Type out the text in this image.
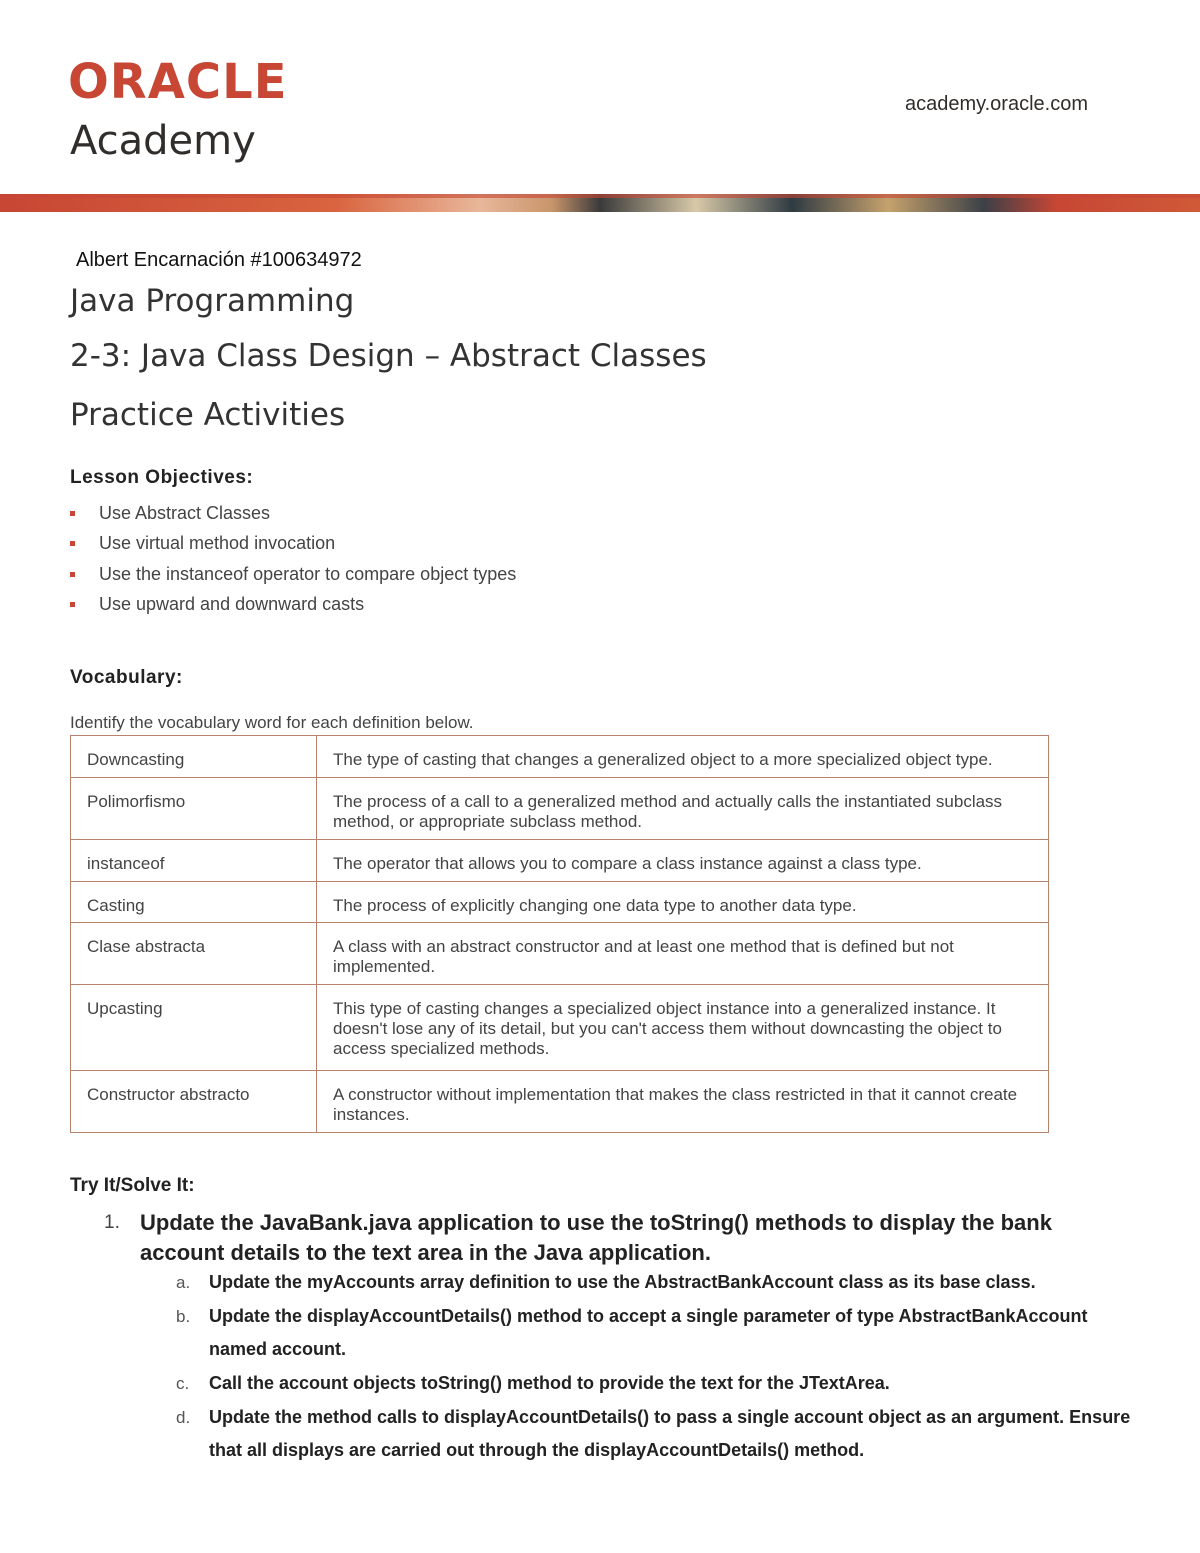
ORACLE
Academy
academy.oracle.com
Albert Encarnación #100634972
Java Programming
2-3: Java Class Design – Abstract Classes
Practice Activities
Lesson Objectives:
Use Abstract Classes
Use virtual method invocation
Use the instanceof operator to compare object types
Use upward and downward casts
Vocabulary:
Identify the vocabulary word for each definition below.
Downcasting	The type of casting that changes a generalized object to a more specialized object type.
Polimorfismo	The process of a call to a generalized method and actually calls the instantiated subclass method, or appropriate subclass method.
instanceof	The operator that allows you to compare a class instance against a class type.
Casting	The process of explicitly changing one data type to another data type.
Clase abstracta	A class with an abstract constructor and at least one method that is defined but not implemented.
Upcasting	This type of casting changes a specialized object instance into a generalized instance. It doesn't lose any of its detail, but you can't access them without downcasting the object to access specialized methods.
Constructor abstracto	A constructor without implementation that makes the class restricted in that it cannot create instances.
Try It/Solve It:
1. Update the JavaBank.java application to use the toString() methods to display the bank account details to the text area in the Java application.
a. Update the myAccounts array definition to use the AbstractBankAccount class as its base class.
b. Update the displayAccountDetails() method to accept a single parameter of type AbstractBankAccount named account.
c. Call the account objects toString() method to provide the text for the JTextArea.
d. Update the method calls to displayAccountDetails() to pass a single account object as an argument. Ensure that all displays are carried out through the displayAccountDetails() method.
